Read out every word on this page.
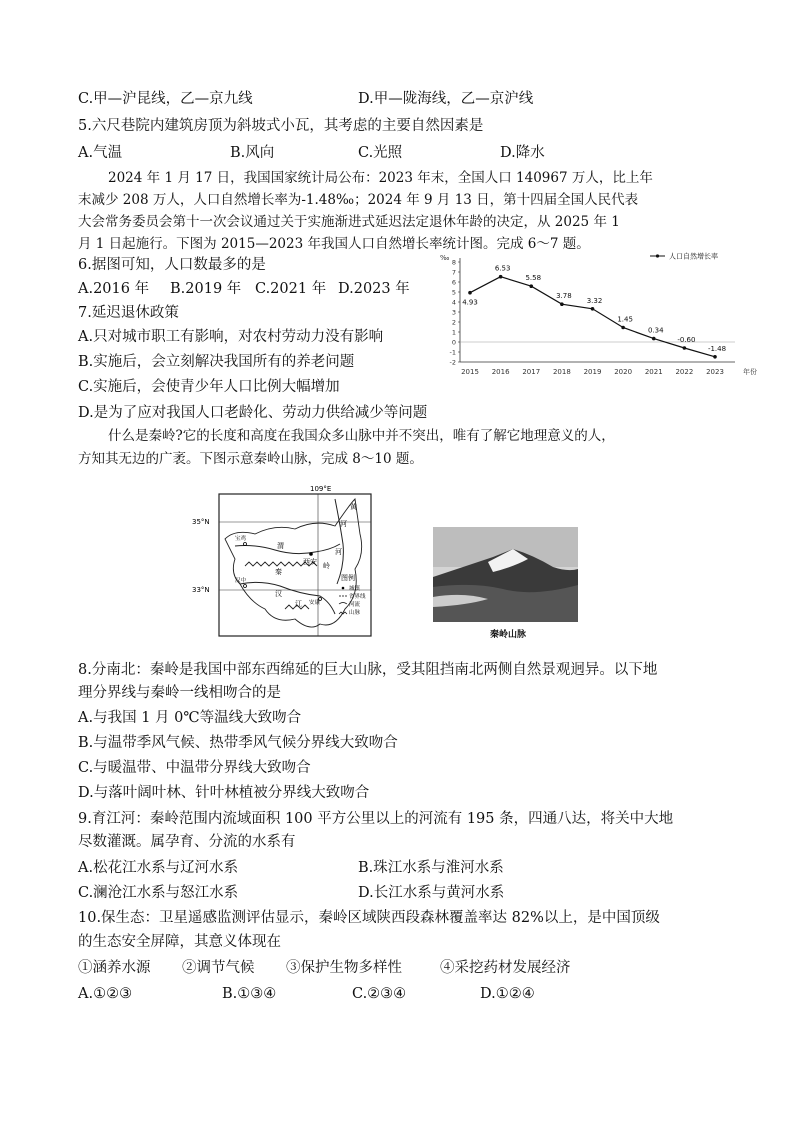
C.甲—沪昆线，乙—京九线	D.甲—陇海线，乙—京沪线
5.六尺巷院内建筑房顶为斜坡式小瓦，其考虑的主要自然因素是
A.气温	B.风向	C.光照	D.降水
2024 年 1 月 17 日，我国国家统计局公布：2023 年末，全国人口 140967 万人，比上年
末减少 208 万人，人口自然增长率为-1.48‰；2024 年 9 月 13 日，第十四届全国人民代表
大会常务委员会第十一次会议通过关于实施渐进式延迟法定退休年龄的决定，从 2025 年 1
月 1 日起施行。下图为 2015—2023 年我国人口自然增长率统计图。完成 6～7 题。
6.据图可知，人口数最多的是
A.2016 年 B.2019 年 C.2021 年 D.2023 年
7.延迟退休政策
A.只对城市职工有影响，对农村劳动力没有影响
B.实施后，会立刻解决我国所有的养老问题
C.实施后，会使青少年人口比例大幅增加
D.是为了应对我国人口老龄化、劳动力供给减少等问题
‰
8
7
6
5
4
3
2
1
0
-1
-2
2015 2016 2017 2018 2019 2020 2021 2022 2023	年份
4.93
6.53
5.58
3.78
3.32
1.45
0.34
-0.60
-1.48
人口自然增长率
什么是秦岭?它的长度和高度在我国众多山脉中并不突出，唯有了解它地理意义的人，
方知其无边的广袤。下图示意秦岭山脉，完成 8～10 题。
109°E
35°N
33°N
黄
河
渭
河
西安
秦
岭
汉
江
宝鸡
汉中
安康
图例
城镇
省界线
河流
山脉
秦岭山脉
8.分南北：秦岭是我国中部东西绵延的巨大山脉，受其阻挡南北两侧自然景观迥异。以下地
理分界线与秦岭一线相吻合的是
A.与我国 1 月 0℃等温线大致吻合
B.与温带季风气候、热带季风气候分界线大致吻合
C.与暖温带、中温带分界线大致吻合
D.与落叶阔叶林、针叶林植被分界线大致吻合
9.育江河：秦岭范围内流域面积 100 平方公里以上的河流有 195 条，四通八达，将关中大地
尽数灌溉。属孕育、分流的水系有
A.松花江水系与辽河水系	B.珠江水系与淮河水系
C.澜沧江水系与怒江水系	D.长江水系与黄河水系
10.保生态：卫星遥感监测评估显示，秦岭区域陕西段森林覆盖率达 82%以上，是中国顶级
的生态安全屏障，其意义体现在
①涵养水源 ②调节气候 ③保护生物多样性	④采挖药材发展经济
A.①②③	B.①③④	C.②③④	D.①②④
